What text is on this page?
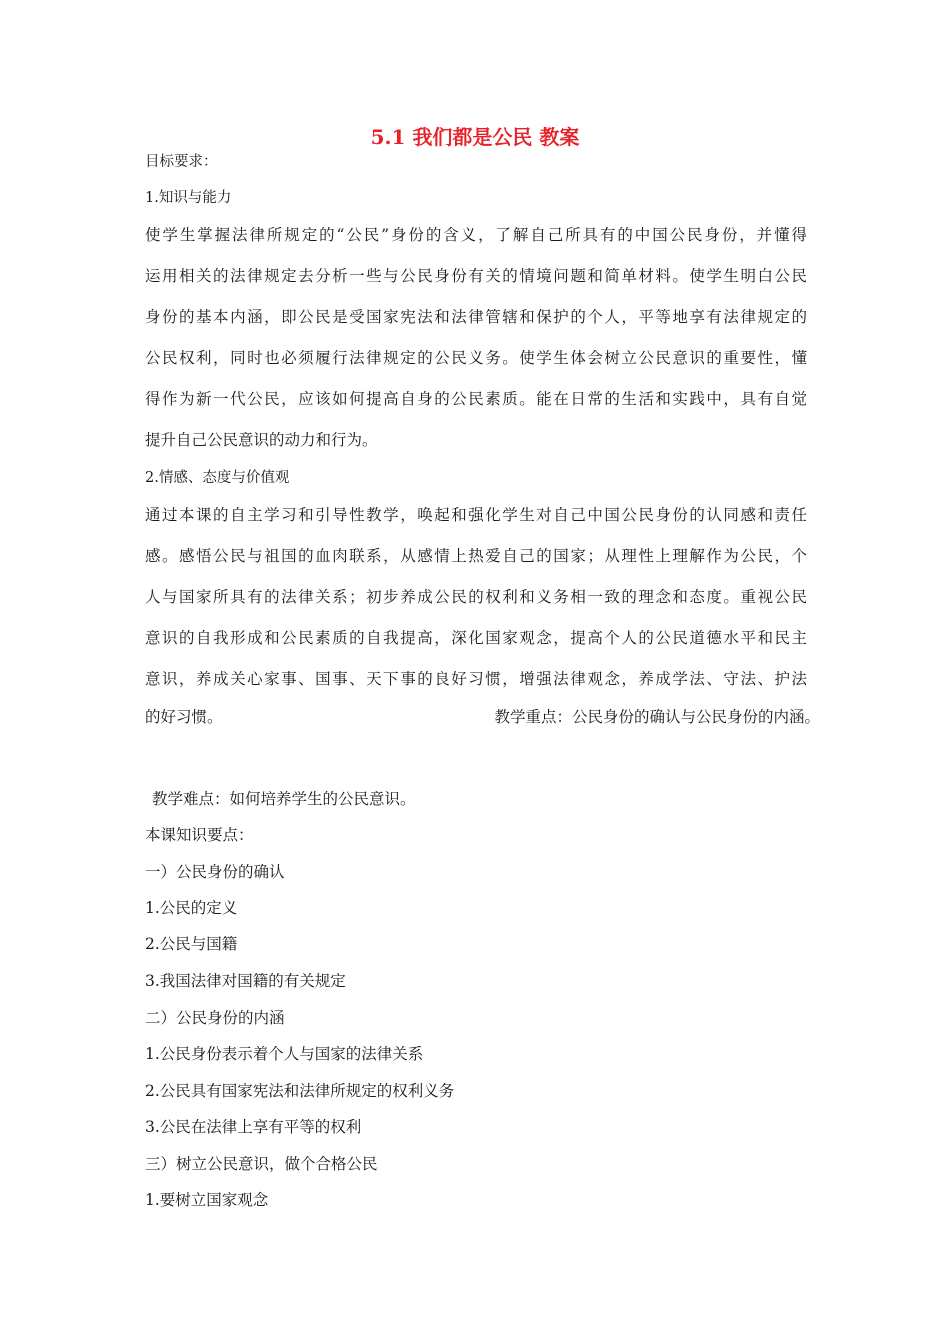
5.1 我们都是公民 教案
目标要求：
1.知识与能力
使学生掌握法律所规定的“公民”身份的含义，了解自己所具有的中国公民身份，并懂得
运用相关的法律规定去分析一些与公民身份有关的情境问题和简单材料。使学生明白公民
身份的基本内涵，即公民是受国家宪法和法律管辖和保护的个人，平等地享有法律规定的
公民权利，同时也必须履行法律规定的公民义务。使学生体会树立公民意识的重要性，懂
得作为新一代公民，应该如何提高自身的公民素质。能在日常的生活和实践中，具有自觉
提升自己公民意识的动力和行为。
2.情感、态度与价值观
通过本课的自主学习和引导性教学，唤起和强化学生对自己中国公民身份的认同感和责任
感。感悟公民与祖国的血肉联系，从感情上热爱自己的国家；从理性上理解作为公民，个
人与国家所具有的法律关系；初步养成公民的权利和义务相一致的理念和态度。重视公民
意识的自我形成和公民素质的自我提高，深化国家观念，提高个人的公民道德水平和民主
意识，养成关心家事、国事、天下事的良好习惯，增强法律观念，养成学法、守法、护法
的好习惯。	教学重点：公民身份的确认与公民身份的内涵。
教学难点：如何培养学生的公民意识。
本课知识要点：
一）公民身份的确认
1.公民的定义
2.公民与国籍
3.我国法律对国籍的有关规定
二）公民身份的内涵
1.公民身份表示着个人与国家的法律关系
2.公民具有国家宪法和法律所规定的权利义务
3.公民在法律上享有平等的权利
三）树立公民意识，做个合格公民
1.要树立国家观念
